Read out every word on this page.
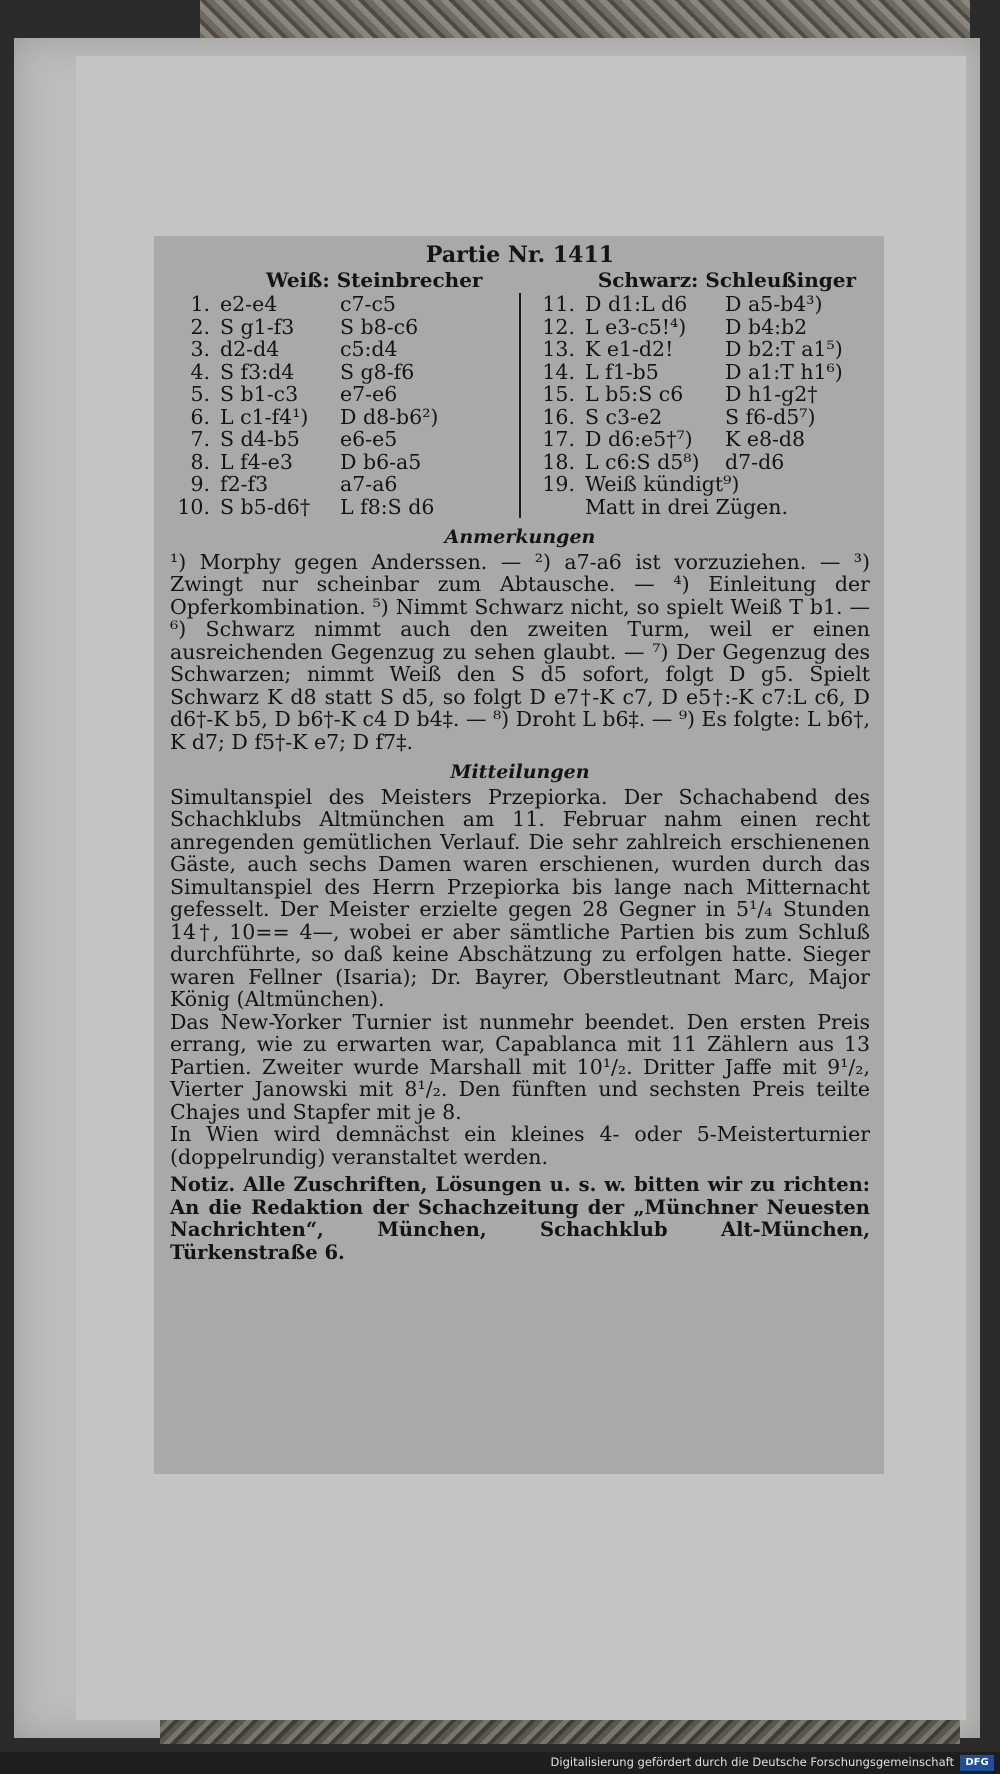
Partie Nr. 1411
Weiß: Steinbrecher	Schwarz: Schleußinger
1. e2-e4	c7-c5
2. S g1-f3	S b8-c6
3. d2-d4	c5:d4
4. S f3:d4	S g8-f6
5. S b1-c3	e7-e6
6. L c1-f4¹)	D d8-b6²)
7. S d4-b5	e6-e5
8. L f4-e3	D b6-a5
9. f2-f3	a7-a6
10. S b5-d6†	L f8:S d6
11. D d1:L d6	D a5-b4³)
12. L e3-c5!⁴)	D b4:b2
13. K e1-d2!	D b2:T a1⁵)
14. L f1-b5	D a1:T h1⁶)
15. L b5:S c6	D h1-g2†
16. S c3-e2	S f6-d5⁷)
17. D d6:e5†⁷)	K e8-d8
18. L c6:S d5⁸)	d7-d6
19. Weiß kündigt⁹)
Matt in drei Zügen.
Anmerkungen

¹) Morphy gegen Anderssen. — ²) a7-a6 ist vorzuziehen. — ³) Zwingt nur scheinbar zum Abtausche. — ⁴) Einleitung der Opferkombination. ⁵) Nimmt Schwarz nicht, so spielt Weiß T b1. — ⁶) Schwarz nimmt auch den zweiten Turm, weil er einen ausreichenden Gegenzug zu sehen glaubt. — ⁷) Der Gegenzug des Schwarzen; nimmt Weiß den S d5 sofort, folgt D g5. Spielt Schwarz K d8 statt S d5, so folgt D e7†-K c7, D e5†:-K c7:L c6, D d6†-K b5, D b6†-K c4 D b4‡. — ⁸) Droht L b6‡. — ⁹) Es folgte: L b6†, K d7; D f5†-K e7; D f7‡.

Mitteilungen

Simultanspiel des Meisters Przepiorka. Der Schachabend des Schachklubs Altmünchen am 11. Februar nahm einen recht anregenden gemütlichen Verlauf. Die sehr zahlreich erschienenen Gäste, auch sechs Damen waren erschienen, wurden durch das Simultanspiel des Herrn Przepiorka bis lange nach Mitternacht gefesselt. Der Meister erzielte gegen 28 Gegner in 5¹/₄ Stunden 14†, 10== 4—, wobei er aber sämtliche Partien bis zum Schluß durchführte, so daß keine Abschätzung zu erfolgen hatte. Sieger waren Fellner (Isaria); Dr. Bayrer, Oberstleutnant Marc, Major König (Altmünchen).

Das New-Yorker Turnier ist nunmehr beendet. Den ersten Preis errang, wie zu erwarten war, Capablanca mit 11 Zählern aus 13 Partien. Zweiter wurde Marshall mit 10¹/₂. Dritter Jaffe mit 9¹/₂, Vierter Janowski mit 8¹/₂. Den fünften und sechsten Preis teilte Chajes und Stapfer mit je 8.

In Wien wird demnächst ein kleines 4- oder 5-Meisterturnier (doppelrundig) veranstaltet werden.

Notiz. Alle Zuschriften, Lösungen u. s. w. bitten wir zu richten: An die Redaktion der Schachzeitung der „Münchner Neuesten Nachrichten“, München, Schachklub Alt-München, Türkenstraße 6.
Digitalisierung gefördert durch die Deutsche Forschungsgemeinschaft	DFG
